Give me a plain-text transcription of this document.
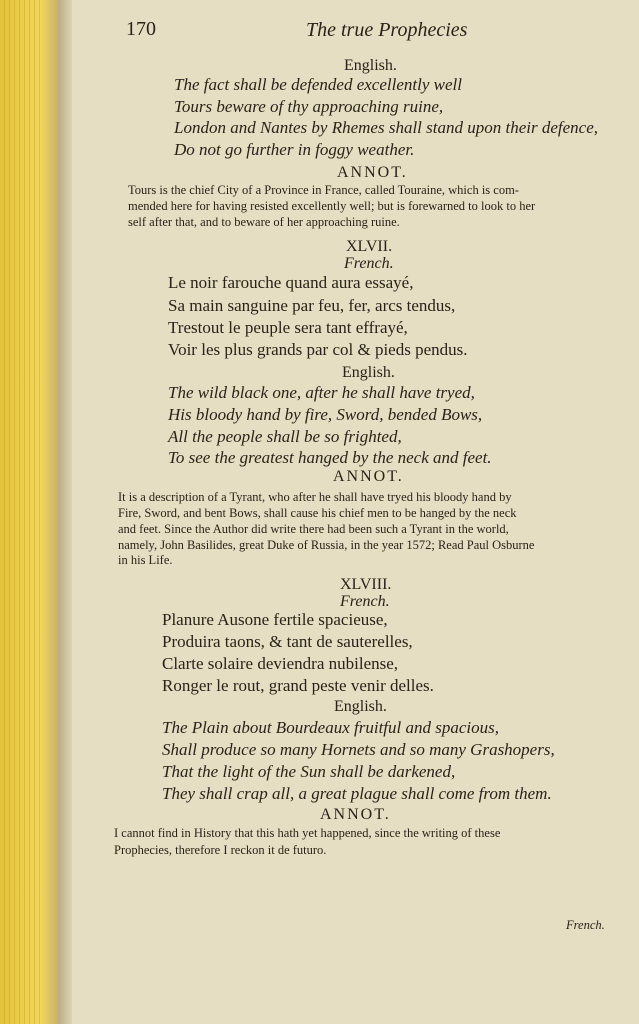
170	The true Prophecies
English.
The fact shall be defended excellently well
Tours beware of thy approaching ruine,
London and Nantes by Rhemes shall stand upon their defence,
Do not go further in foggy weather.
ANNOT.
Tours is the chief City of a Province in France, called Touraine, which is com-
mended here for having resisted excellently well; but is forewarned to look to her
self after that, and to beware of her approaching ruine.
XLVII.
French.
Le noir farouche quand aura essayé,
Sa main sanguine par feu, fer, arcs tendus,
Trestout le peuple sera tant effrayé,
Voir les plus grands par col & pieds pendus.
English.
The wild black one, after he shall have tryed,
His bloody hand by fire, Sword, bended Bows,
All the people shall be so frighted,
To see the greatest hanged by the neck and feet.
ANNOT.
It is a description of a Tyrant, who after he shall have tryed his bloody hand by
Fire, Sword, and bent Bows, shall cause his chief men to be hanged by the neck
and feet. Since the Author did write there had been such a Tyrant in the world,
namely, John Basilides, great Duke of Russia, in the year 1572; Read Paul Osburne
in his Life.
XLVIII.
French.
Planure Ausone fertile spacieuse,
Produira taons, & tant de sauterelles,
Clarte solaire deviendra nubilense,
Ronger le rout, grand peste venir delles.
English.
The Plain about Bourdeaux fruitful and spacious,
Shall produce so many Hornets and so many Grashopers,
That the light of the Sun shall be darkened,
They shall crap all, a great plague shall come from them.
ANNOT.
I cannot find in History that this hath yet happened, since the writing of these
Prophecies, therefore I reckon it de futuro.
French.
